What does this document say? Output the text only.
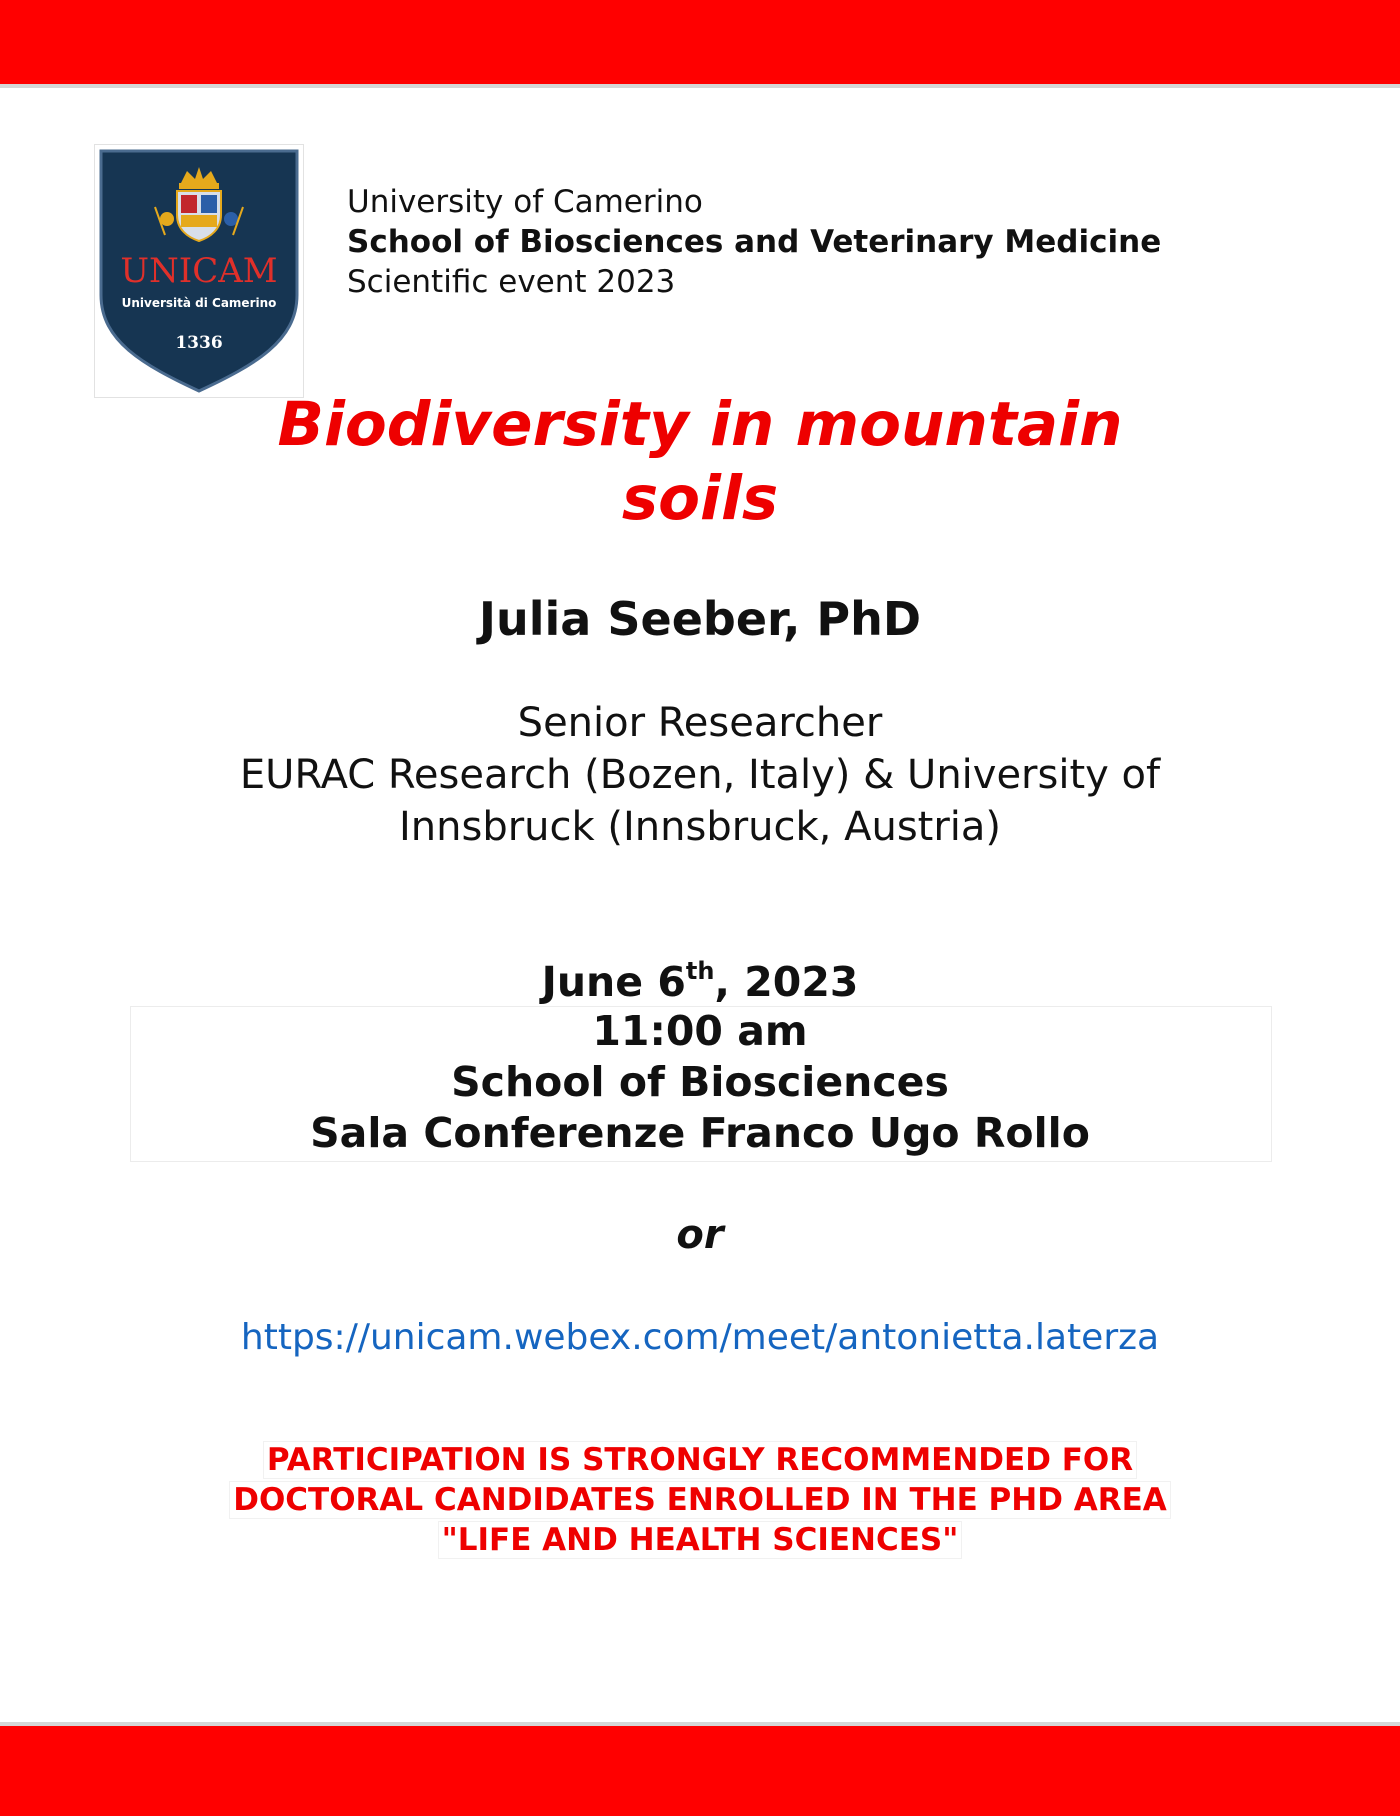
UNICAM
Università di Camerino
1336
University of Camerino
School of Biosciences and Veterinary Medicine
Scientific event 2023
Biodiversity in mountain
soils
Julia Seeber, PhD
Senior Researcher
EURAC Research (Bozen, Italy) & University of
Innsbruck (Innsbruck, Austria)
June 6th, 2023
11:00 am
School of Biosciences
Sala Conferenze Franco Ugo Rollo
or
https://unicam.webex.com/meet/antonietta.laterza
PARTICIPATION IS STRONGLY RECOMMENDED FOR
DOCTORAL CANDIDATES ENROLLED IN THE PHD AREA
"LIFE AND HEALTH SCIENCES"
